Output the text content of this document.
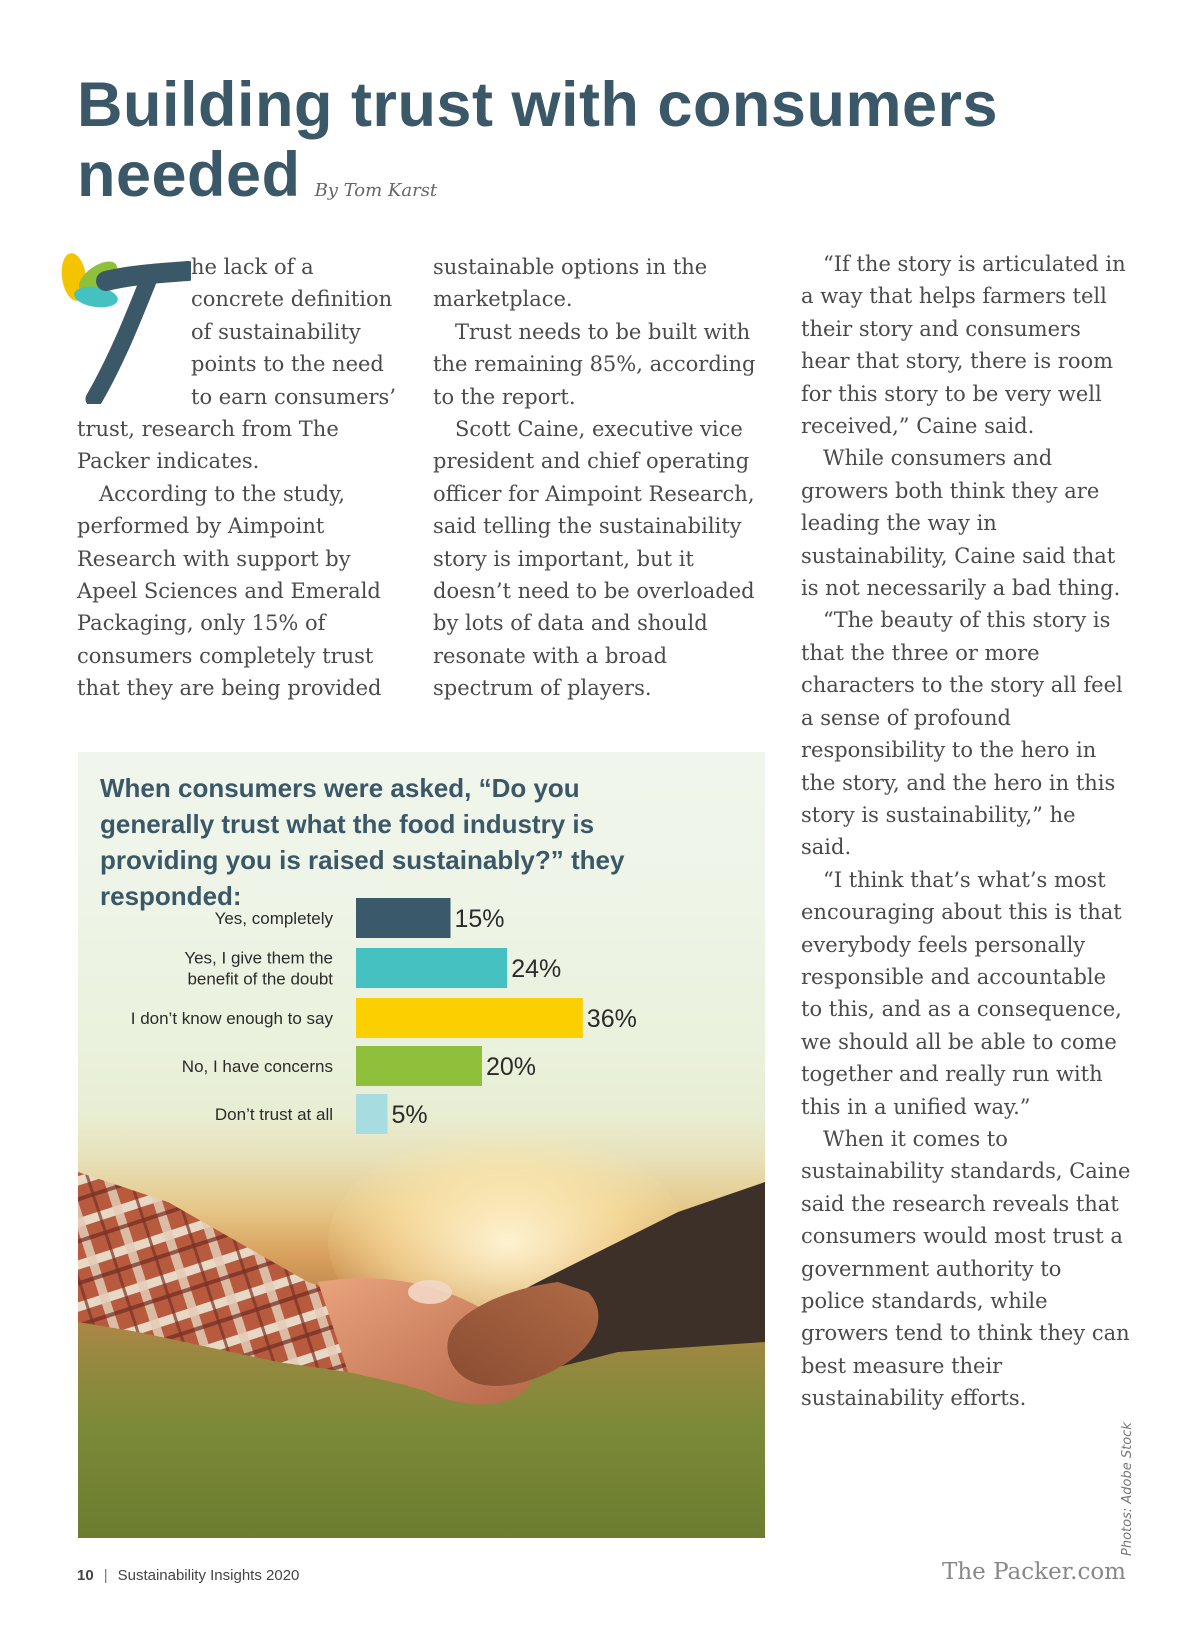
Building trust with consumers needed By Tom Karst
T

he lack of a concrete definition of sustainability points to the need to earn consumers’ trust, research from The Packer indicates.

According to the study, performed by Aimpoint Research with support by Apeel Sciences and Emerald Packaging, only 15% of consumers completely trust that they are being provided

sustainable options in the marketplace.

Trust needs to be built with the remaining 85%, according to the report.

Scott Caine, executive vice president and chief operating officer for Aimpoint Research, said telling the sustainability story is important, but it doesn’t need to be overloaded by lots of data and should resonate with a broad spectrum of players.

“If the story is articulated in a way that helps farmers tell their story and consumers hear that story, there is room for this story to be very well received,” Caine said.

While consumers and growers both think they are leading the way in sustainability, Caine said that is not necessarily a bad thing.

“The beauty of this story is that the three or more characters to the story all feel a sense of profound responsibility to the hero in the story, and the hero in this story is sustainability,” he said.

“I think that’s what’s most encouraging about this is that everybody feels personally responsible and accountable to this, and as a consequence, we should all be able to come together and really run with this in a unified way.”

When it comes to sustainability standards, Caine said the research reveals that consumers would most trust a government authority to police standards, while growers tend to think they can best measure their sustainability efforts.

When consumers were asked, “Do you generally trust what the food industry is providing you is raised sustainably?” they responded:
15%
Yes, completely
24%
Yes, I give them the
benefit of the doubt
36%
I don’t know enough to say
20%
No, I have concerns
5%
Don’t trust at all
Photos: Adobe Stock
10 | Sustainability Insights 2020	The Packer.com
